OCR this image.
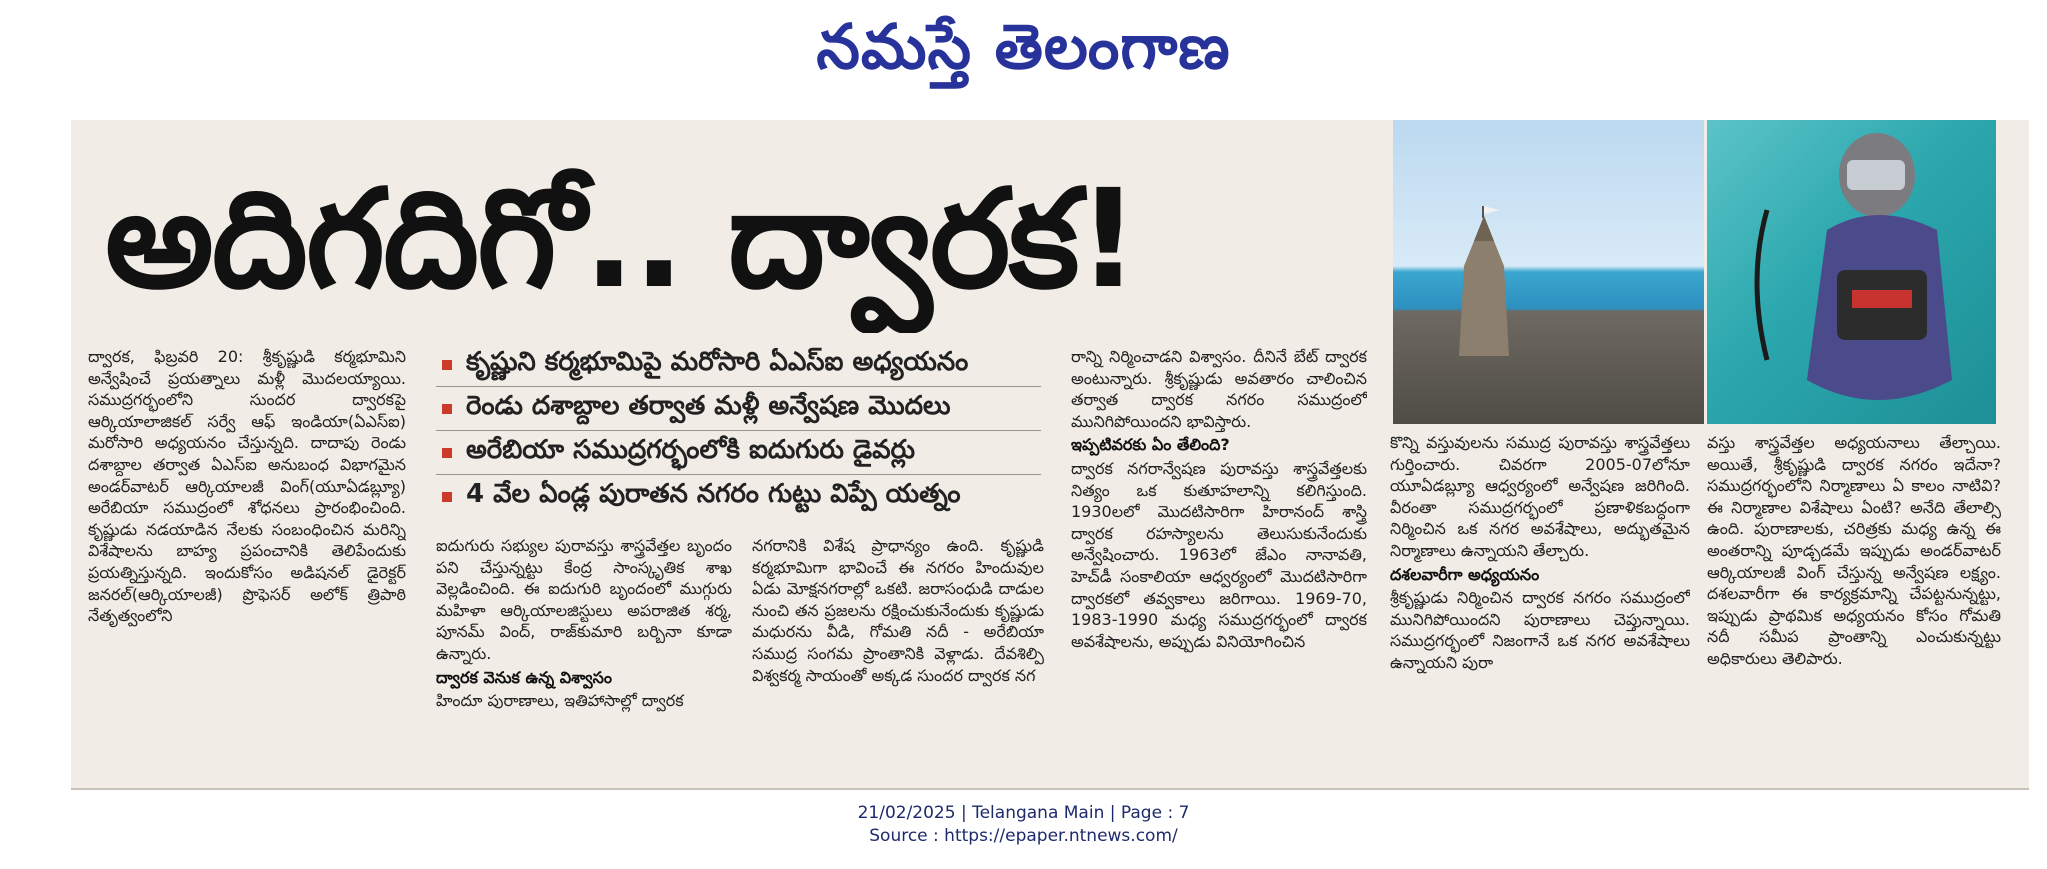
నమస్తే తెలంగాణ
అదిగదిగో.. ద్వారక!

ద్వారక, ఫిబ్రవరి 20: శ్రీకృష్ణుడి కర్మభూమిని అన్వేషించే ప్రయత్నాలు మళ్లీ మొదలయ్యాయి. సముద్రగర్భంలోని సుందర ద్వారకపై ఆర్కియాలాజికల్ సర్వే ఆఫ్ ఇండియా(ఏఎస్ఐ) మరోసారి అధ్యయనం చేస్తున్నది. దాదాపు రెండు దశాబ్దాల తర్వాత ఏఎస్ఐ అనుబంధ విభాగమైన అండర్‌వాటర్ ఆర్కియాలజీ వింగ్(యూఏడబ్ల్యూ) అరేబియా సముద్రంలో శోధనలు ప్రారంభించింది. కృష్ణుడు నడయాడిన నేలకు సంబంధించిన మరిన్ని విశేషాలను బాహ్య ప్రపంచానికి తెలిపేందుకు ప్రయత్నిస్తున్నది. ఇందుకోసం అడిషనల్ డైరెక్టర్ జనరల్(ఆర్కియాలజీ) ప్రొఫెసర్ అలోక్ త్రిపాఠి నేతృత్వంలోని

కృష్ణుని కర్మభూమిపై మరోసారి ఏఎస్ఐ అధ్యయనం
రెండు దశాబ్దాల తర్వాత మళ్లీ అన్వేషణ మొదలు
అరేబియా సముద్రగర్భంలోకి ఐదుగురు డైవర్లు
4 వేల ఏండ్ల పురాతన నగరం గుట్టు విప్పే యత్నం

ఐదుగురు సభ్యుల పురావస్తు శాస్త్రవేత్తల బృందం పని చేస్తున్నట్టు కేంద్ర సాంస్కృతిక శాఖ వెల్లడించింది. ఈ ఐదుగురి బృందంలో ముగ్గురు మహిళా ఆర్కియాలజిస్టులు అపరాజిత శర్మ, పూనమ్ వింద్, రాజ్‌కుమారి బర్బినా కూడా ఉన్నారు.

ద్వారక వెనుక ఉన్న విశ్వాసం

హిందూ పురాణాలు, ఇతిహాసాల్లో ద్వారక

నగరానికి విశేష ప్రాధాన్యం ఉంది. కృష్ణుడి కర్మభూమిగా భావించే ఈ నగరం హిందువుల ఏడు మోక్షనగరాల్లో ఒకటి. జరాసంధుడి దాడుల నుంచి తన ప్రజలను రక్షించుకునేందుకు కృష్ణుడు మధురను వీడి, గోమతి నదీ - అరేబియా సముద్ర సంగమ ప్రాంతానికి వెళ్లాడు. దేవశిల్పి విశ్వకర్మ సాయంతో అక్కడ సుందర ద్వారక నగ

రాన్ని నిర్మించాడని విశ్వాసం. దీనినే బేట్ ద్వారక అంటున్నారు. శ్రీకృష్ణుడు అవతారం చాలించిన తర్వాత ద్వారక నగరం సముద్రంలో మునిగిపోయిందని భావిస్తారు.

ఇప్పటివరకు ఏం తేలింది?

ద్వారక నగరాన్వేషణ పురావస్తు శాస్త్రవేత్తలకు నిత్యం ఒక కుతూహలాన్ని కలిగిస్తుంది. 1930లలో మొదటిసారిగా హిరానంద్ శాస్త్రి ద్వారక రహస్యాలను తెలుసుకునేందుకు అన్వేషించారు. 1963లో జేఎం నానావతి, హెచ్‌డీ సంకాలియా ఆధ్వర్యంలో మొదటిసారిగా ద్వారకలో తవ్వకాలు జరిగాయి. 1969-70, 1983-1990 మధ్య సముద్రగర్భంలో ద్వారక అవశేషాలను, అప్పుడు వినియోగించిన

కొన్ని వస్తువులను సముద్ర పురావస్తు శాస్త్రవేత్తలు గుర్తించారు. చివరగా 2005-07లోనూ యూఏడబ్ల్యూ ఆధ్వర్యంలో అన్వేషణ జరిగింది. వీరంతా సముద్రగర్భంలో ప్రణాళికబద్ధంగా నిర్మించిన ఒక నగర అవశేషాలు, అద్భుతమైన నిర్మాణాలు ఉన్నాయని తేల్చారు.

దశలవారీగా అధ్యయనం

శ్రీకృష్ణుడు నిర్మించిన ద్వారక నగరం సముద్రంలో మునిగిపోయిందని పురాణాలు చెప్తున్నాయి. సముద్రగర్భంలో నిజంగానే ఒక నగర అవశేషాలు ఉన్నాయని పురా

వస్తు శాస్త్రవేత్తల అధ్యయనాలు తేల్చాయి. అయితే, శ్రీకృష్ణుడి ద్వారక నగరం ఇదేనా? సముద్రగర్భంలోని నిర్మాణాలు ఏ కాలం నాటివి? ఈ నిర్మాణాల విశేషాలు ఏంటి? అనేది తేలాల్సి ఉంది. పురాణాలకు, చరిత్రకు మధ్య ఉన్న ఈ అంతరాన్ని పూడ్చడమే ఇప్పుడు అండర్‌వాటర్ ఆర్కియాలజీ వింగ్ చేస్తున్న అన్వేషణ లక్ష్యం. దశలవారీగా ఈ కార్యక్రమాన్ని చేపట్టనున్నట్టు, ఇప్పుడు ప్రాథమిక అధ్యయనం కోసం గోమతి నదీ సమీప ప్రాంతాన్ని ఎంచుకున్నట్టు అధికారులు తెలిపారు.

21/02/2025 | Telangana Main | Page : 7
Source : https://epaper.ntnews.com/
